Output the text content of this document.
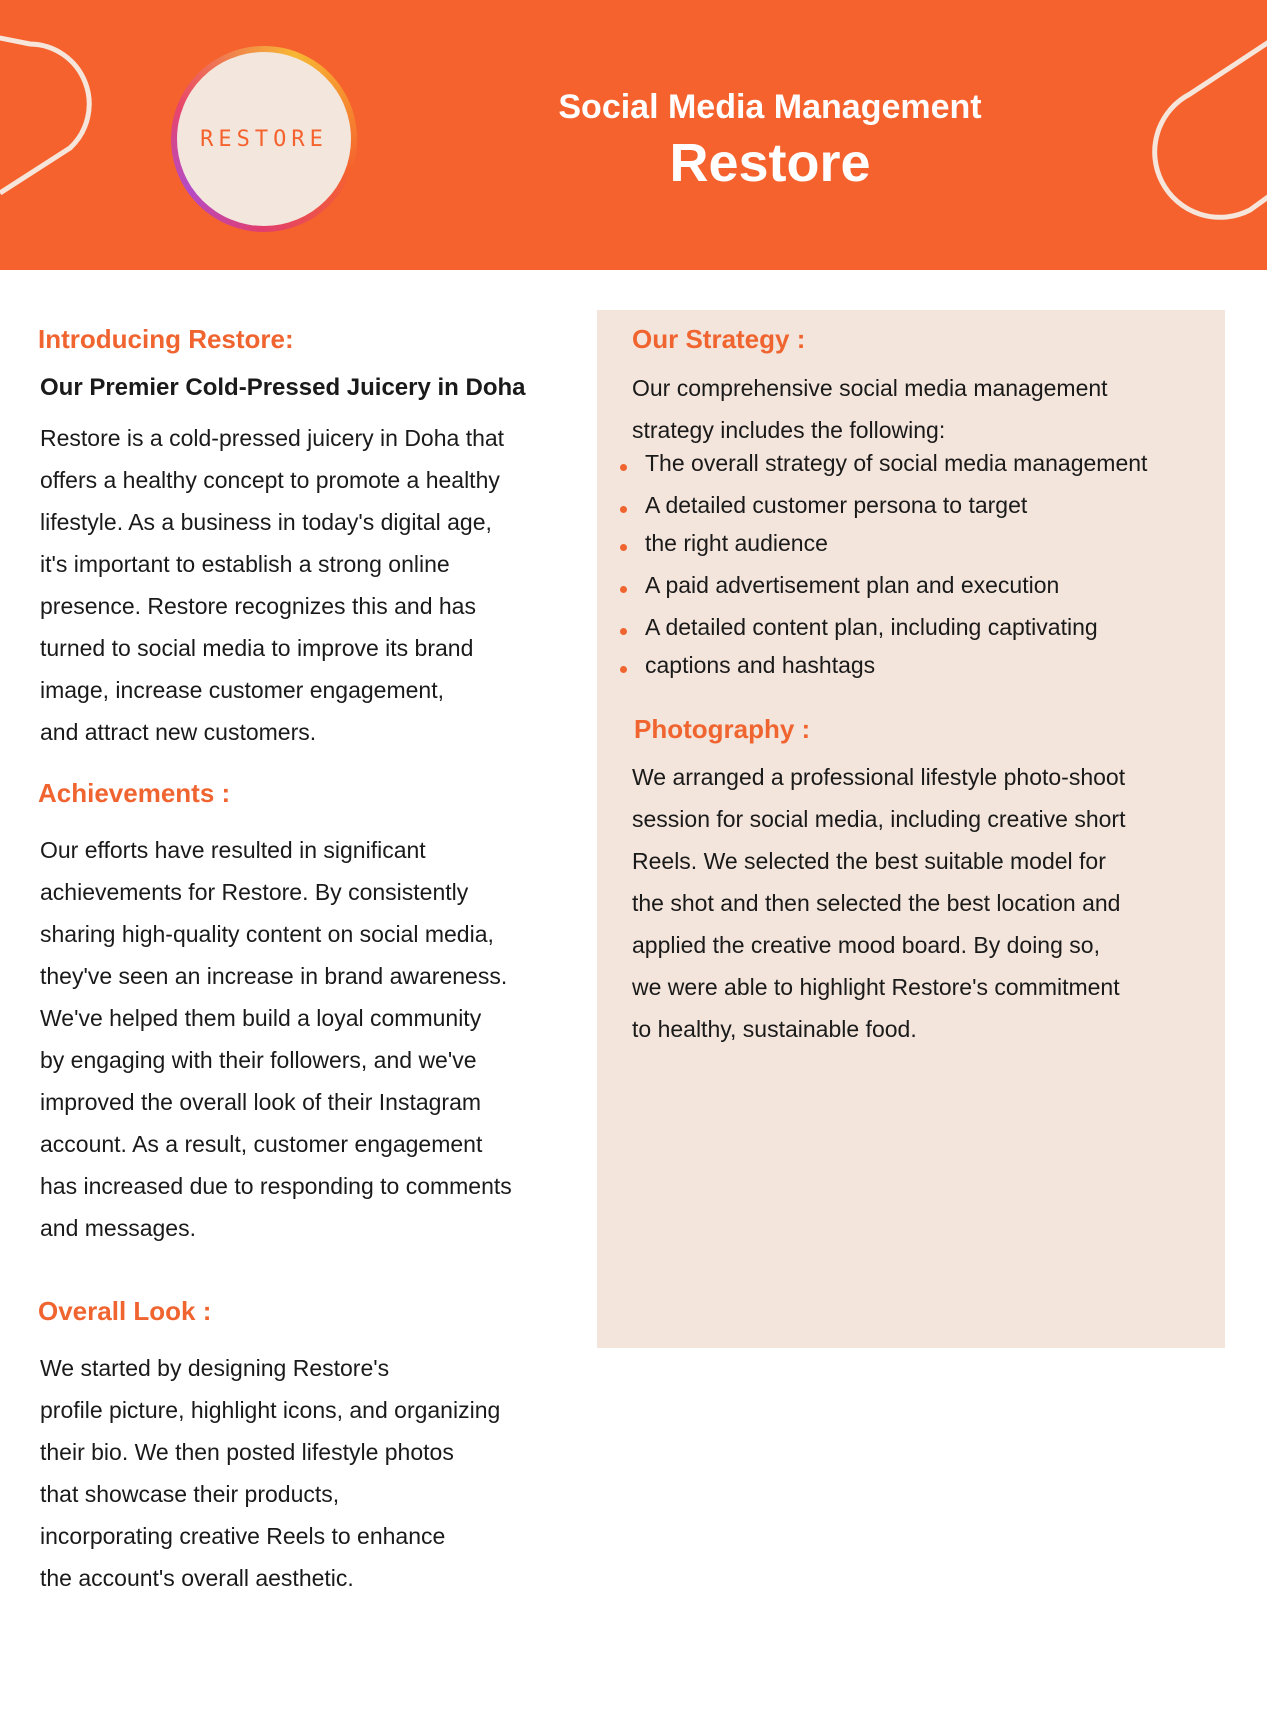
RESTORE
Social Media Management
Restore
Introducing Restore:
Our Premier Cold-Pressed Juicery in Doha
Restore is a cold-pressed juicery in Doha that
offers a healthy concept to promote a healthy
lifestyle. As a business in today's digital age,
it's important to establish a strong online
presence. Restore recognizes this and has
turned to social media to improve its brand
image, increase customer engagement,
and attract new customers.
Achievements :
Our efforts have resulted in significant
achievements for Restore. By consistently
sharing high-quality content on social media,
they've seen an increase in brand awareness.
We've helped them build a loyal community
by engaging with their followers, and we've
improved the overall look of their Instagram
account. As a result, customer engagement
has increased due to responding to comments
and messages.
Overall Look :
We started by designing Restore's
profile picture, highlight icons, and organizing
their bio. We then posted lifestyle photos
that showcase their products,
incorporating creative Reels to enhance
the account's overall aesthetic.
Our Strategy :
Our comprehensive social media management
strategy includes the following:
The overall strategy of social media management
A detailed customer persona to target
the right audience
A paid advertisement plan and execution
A detailed content plan, including captivating
captions and hashtags
Photography :
We arranged a professional lifestyle photo-shoot
session for social media, including creative short
Reels. We selected the best suitable model for
the shot and then selected the best location and
applied the creative mood board. By doing so,
we were able to highlight Restore's commitment
to healthy, sustainable food.
